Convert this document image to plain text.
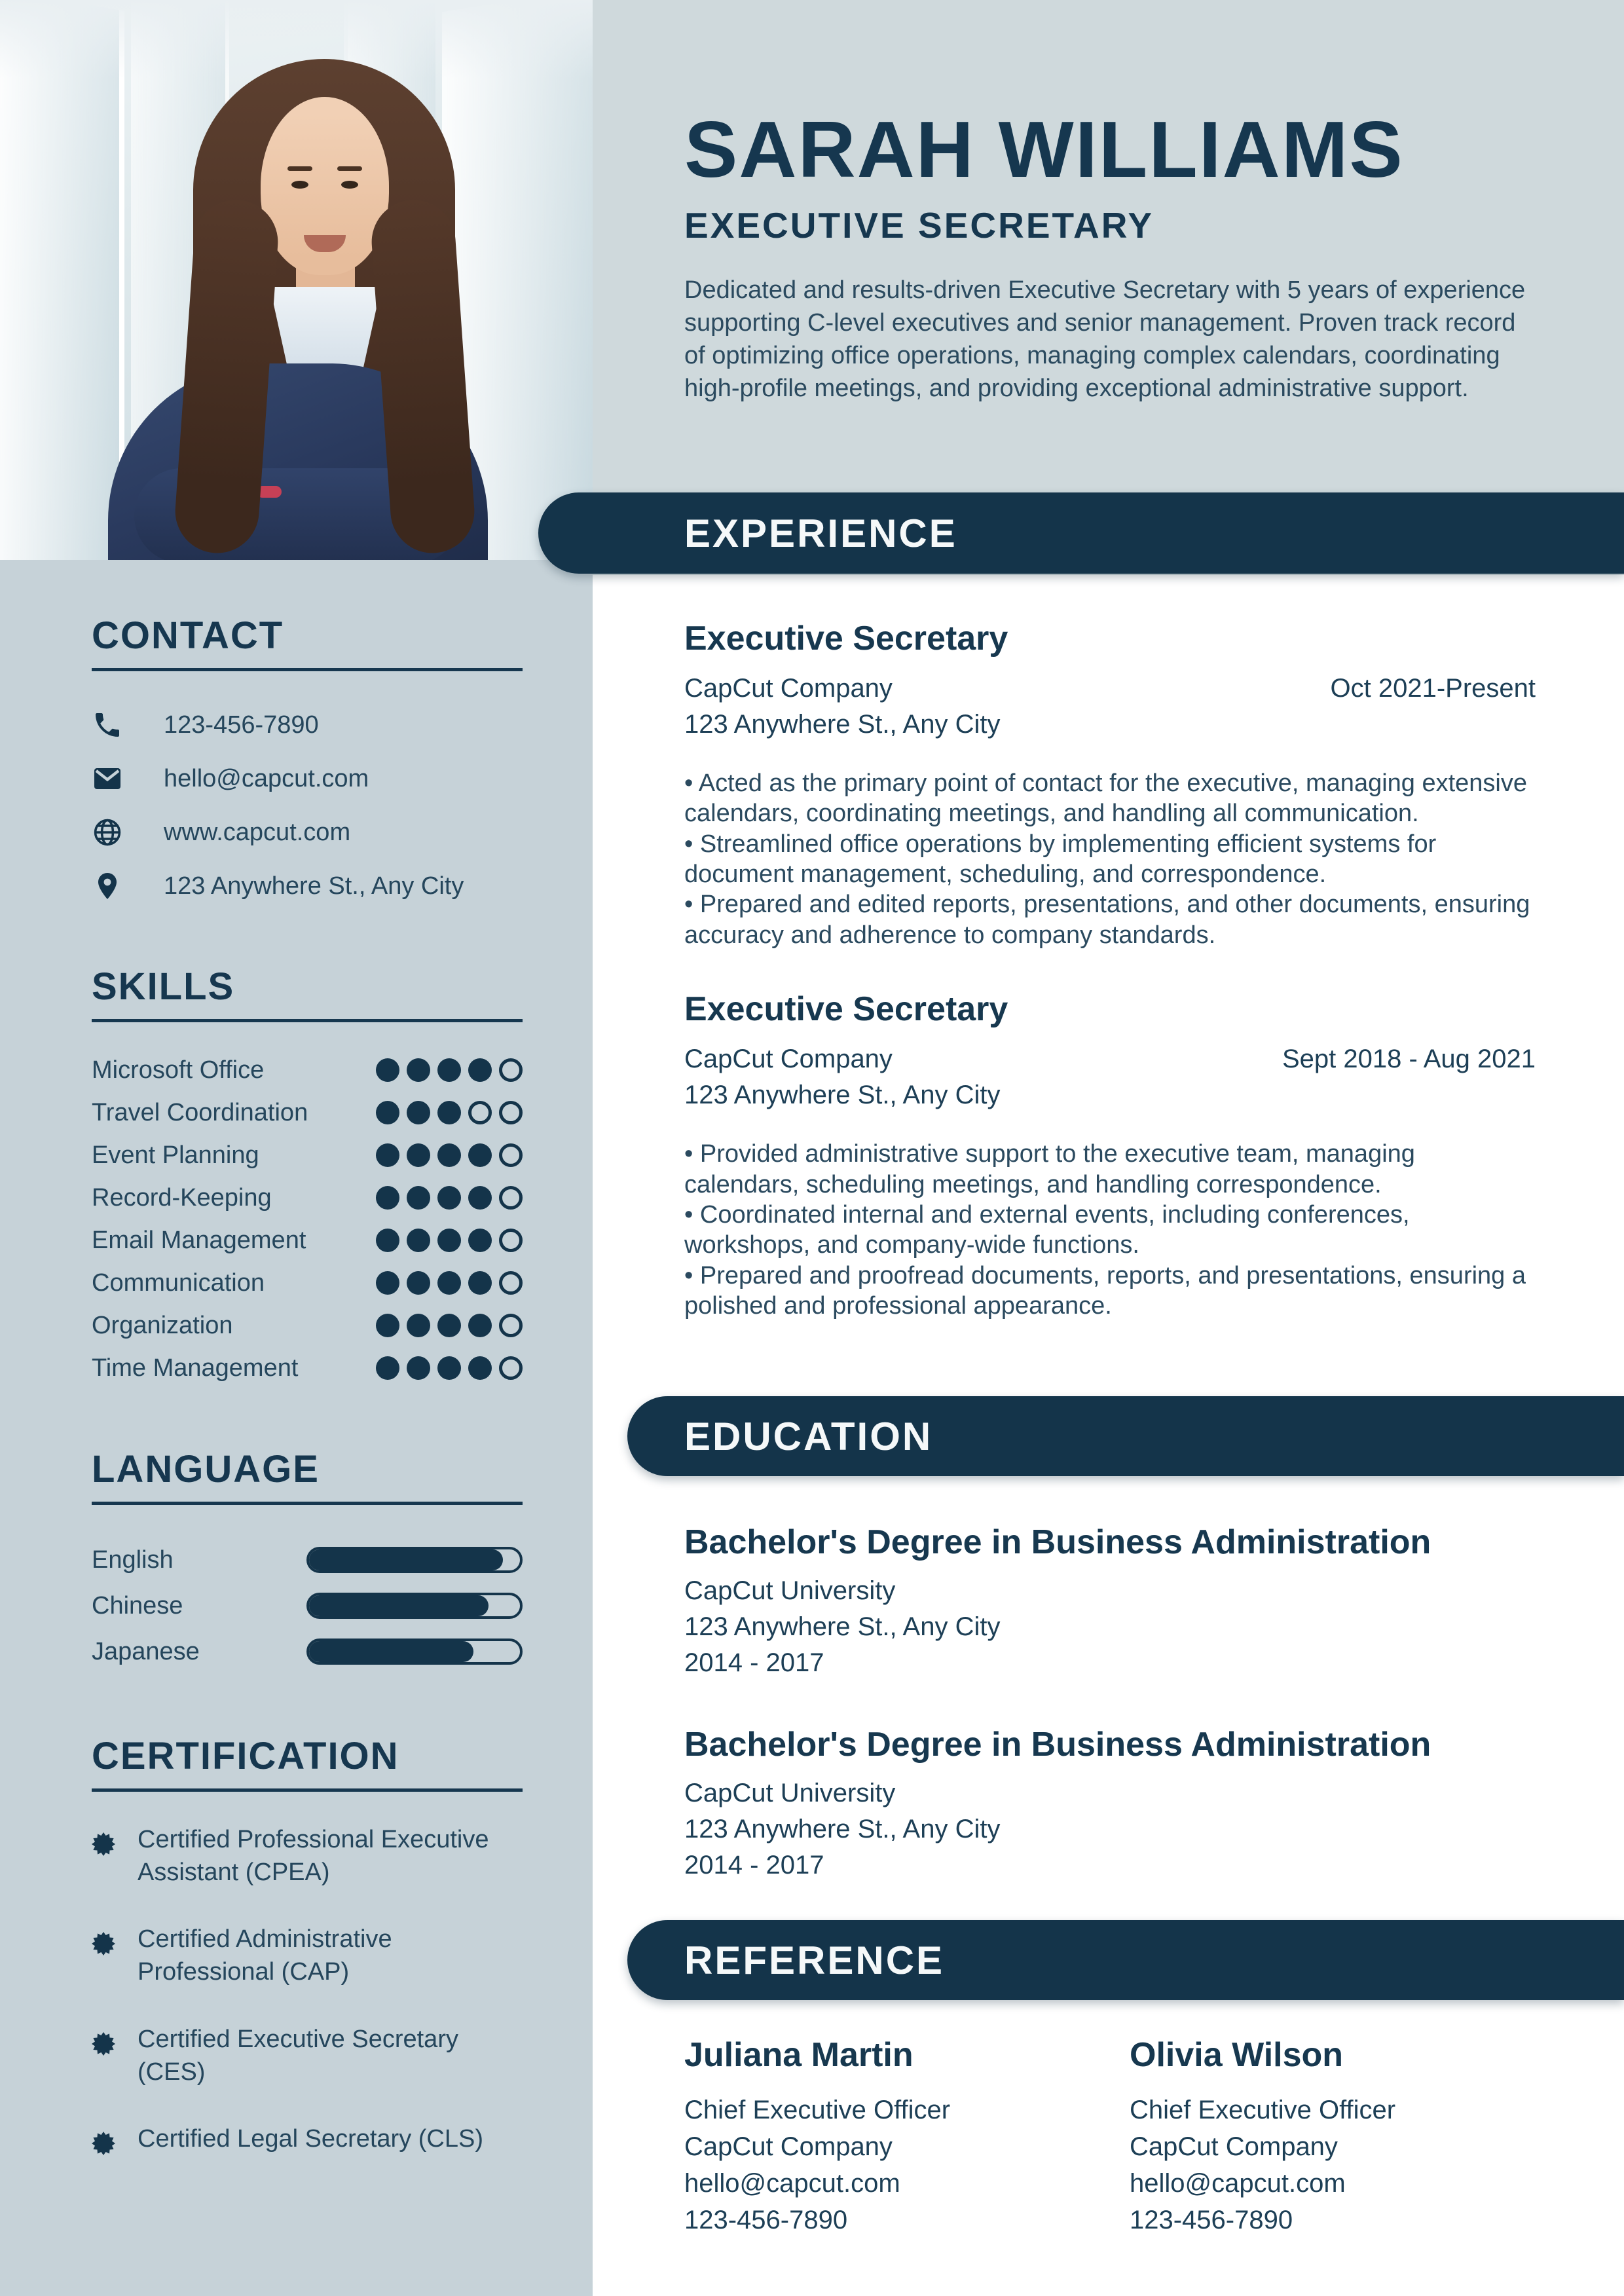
SARAH WILLIAMS
EXECUTIVE SECRETARY
Dedicated and results-driven Executive Secretary with 5 years of experience supporting C-level executives and senior management. Proven track record of optimizing office operations, managing complex calendars, coordinating high-profile meetings, and providing exceptional administrative support.
EXPERIENCE
EDUCATION
REFERENCE
Executive Secretary
CapCut Company	Oct 2021-Present
123 Anywhere St., Any City
• Acted as the primary point of contact for the executive, managing extensive calendars, coordinating meetings, and handling all communication.
• Streamlined office operations by implementing efficient systems for document management, scheduling, and correspondence.
• Prepared and edited reports, presentations, and other documents, ensuring accuracy and adherence to company standards.
Executive Secretary
CapCut Company	Sept 2018 - Aug 2021
123 Anywhere St., Any City
• Provided administrative support to the executive team, managing calendars, scheduling meetings, and handling correspondence.
• Coordinated internal and external events, including conferences, workshops, and company-wide functions.
• Prepared and proofread documents, reports, and presentations, ensuring a polished and professional appearance.
Bachelor's Degree in Business Administration
CapCut University
123 Anywhere St., Any City
2014 - 2017
Bachelor's Degree in Business Administration
CapCut University
123 Anywhere St., Any City
2014 - 2017
Juliana Martin
Chief Executive Officer
CapCut Company
hello@capcut.com
123-456-7890
Olivia Wilson
Chief Executive Officer
CapCut Company
hello@capcut.com
123-456-7890
CONTACT
123-456-7890
hello@capcut.com
www.capcut.com
123 Anywhere St., Any City
SKILLS
Microsoft Office
Travel Coordination
Event Planning
Record-Keeping
Email Management
Communication
Organization
Time Management
LANGUAGE
English
Chinese
Japanese
CERTIFICATION
Certified Professional Executive Assistant (CPEA)
Certified Administrative Professional (CAP)
Certified Executive Secretary (CES)
Certified Legal Secretary (CLS)
